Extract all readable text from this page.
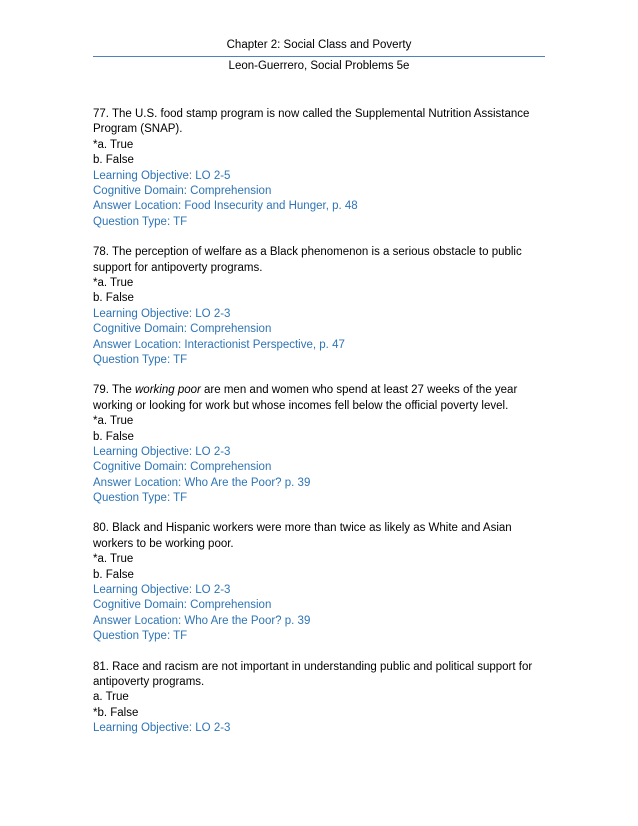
Chapter 2: Social Class and Poverty
Leon-Guerrero, Social Problems 5e
77. The U.S. food stamp program is now called the Supplemental Nutrition Assistance
Program (SNAP).
*a. True
b. False
Learning Objective: LO 2-5
Cognitive Domain: Comprehension
Answer Location: Food Insecurity and Hunger, p. 48
Question Type: TF
78. The perception of welfare as a Black phenomenon is a serious obstacle to public
support for antipoverty programs.
*a. True
b. False
Learning Objective: LO 2-3
Cognitive Domain: Comprehension
Answer Location: Interactionist Perspective, p. 47
Question Type: TF
79. The working poor are men and women who spend at least 27 weeks of the year
working or looking for work but whose incomes fell below the official poverty level.
*a. True
b. False
Learning Objective: LO 2-3
Cognitive Domain: Comprehension
Answer Location: Who Are the Poor? p. 39
Question Type: TF
80. Black and Hispanic workers were more than twice as likely as White and Asian
workers to be working poor.
*a. True
b. False
Learning Objective: LO 2-3
Cognitive Domain: Comprehension
Answer Location: Who Are the Poor? p. 39
Question Type: TF
81. Race and racism are not important in understanding public and political support for
antipoverty programs.
a. True
*b. False
Learning Objective: LO 2-3
